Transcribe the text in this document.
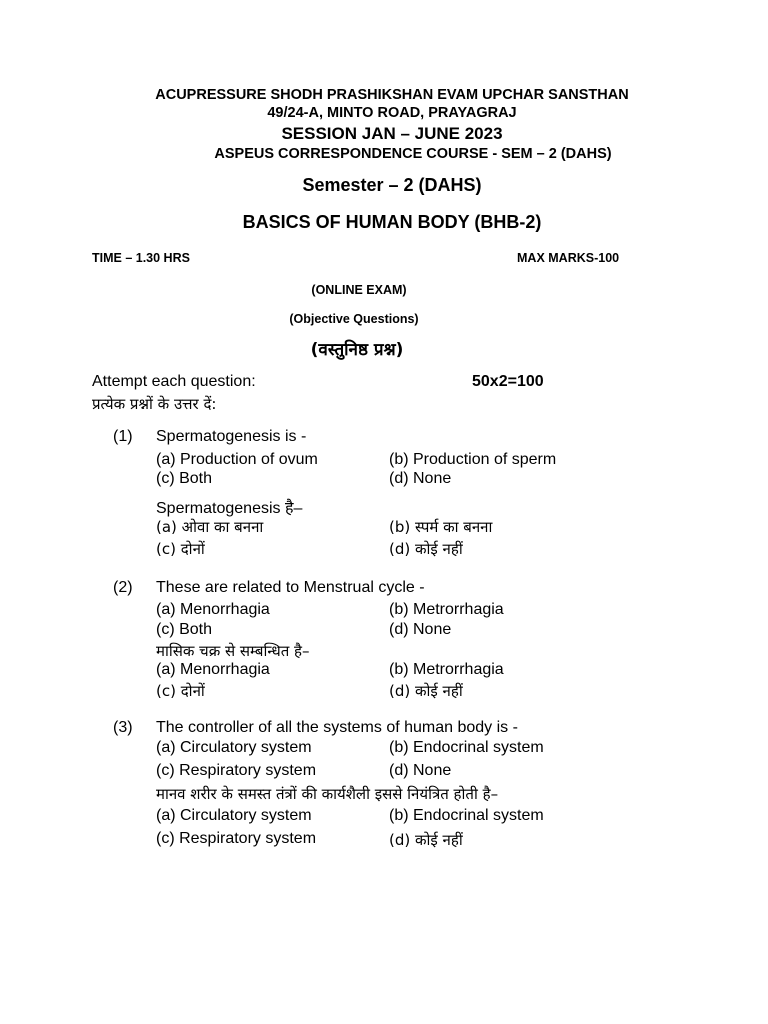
ACUPRESSURE SHODH PRASHIKSHAN EVAM UPCHAR SANSTHAN
49/24-A, MINTO ROAD, PRAYAGRAJ
SESSION JAN – JUNE 2023
ASPEUS CORRESPONDENCE COURSE - SEM – 2 (DAHS)
Semester – 2 (DAHS)
BASICS OF HUMAN BODY (BHB-2)
TIME – 1.30 HRS	MAX MARKS-100
(ONLINE EXAM)
(Objective Questions)
(वस्तुनिष्ठ प्रश्न)
Attempt each question:	50x2=100
प्रत्येक प्रश्नों के उत्तर दें:
(1) Spermatogenesis is -
(a) Production of ovum	(b) Production of sperm
(c) Both	(d) None
Spermatogenesis है–
(a) ओवा का बनना	(b) स्पर्म का बनना
(c) दोनों	(d) कोई नहीं
(2) These are related to Menstrual cycle -
(a) Menorrhagia	(b) Metrorrhagia
(c) Both	(d) None
मासिक चक्र से सम्बन्धित है–
(a) Menorrhagia	(b) Metrorrhagia
(c) दोनों	(d) कोई नहीं
(3) The controller of all the systems of human body is -
(a) Circulatory system	(b) Endocrinal system
(c) Respiratory system	(d) None
मानव शरीर के समस्त तंत्रों की कार्यशैली इससे नियंत्रित होती है–
(a) Circulatory system	(b) Endocrinal system
(c) Respiratory system	(d) कोई नहीं
